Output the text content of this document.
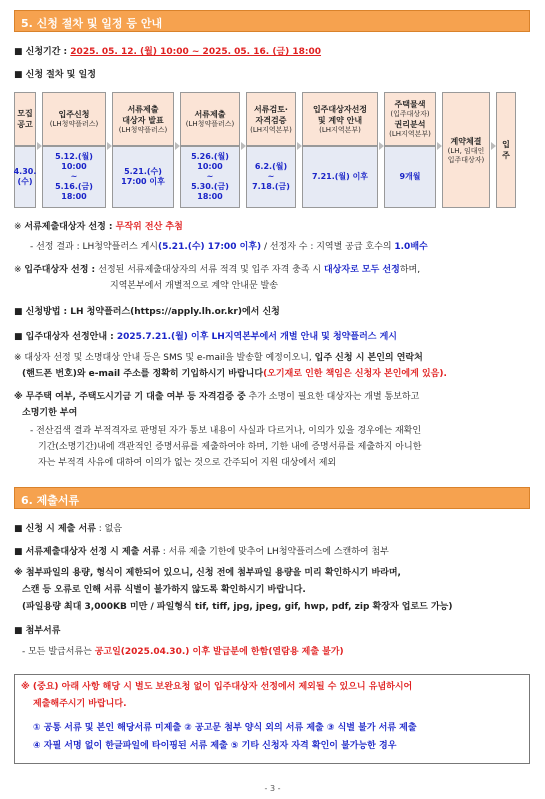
5. 신청 절차 및 일정 등 안내
■ 신청기간 : 2025. 05. 12. (월) 10:00 ~ 2025. 05. 16. (금) 18:00
■ 신청 절차 및 일정
모집
공고
4.30.
(수)
입주신청
(LH청약플러스)
5.12.(월)
10:00
~
5.16.(금)
18:00
서류제출
대상자 발표
(LH청약플러스)
5.21.(수)
17:00 이후
서류제출
(LH청약플러스)
5.26.(월)
10:00
~
5.30.(금)
18:00
서류검토·
자격검증
(LH지역본부)
6.2.(월)
~
7.18.(금)
입주대상자선정
및 계약 안내
(LH지역본부)
7.21.(월) 이후
주택물색
(입주대상자)
권리분석
(LH지역본부)
9개월
계약체결
(LH, 임대인
입주대상자)
입
주
※ 서류제출대상자 선정 : 무작위 전산 추첨
- 선정 결과 : LH청약플러스 게시(5.21.(수) 17:00 이후) / 선정자 수 : 지역별 공급 호수의 1.0배수
※ 입주대상자 선정 : 선정된 서류제출대상자의 서류 적격 및 입주 자격 충족 시 대상자로 모두 선정하며,
지역본부에서 개별적으로 계약 안내문 발송
■ 신청방법 : LH 청약플러스(https://apply.lh.or.kr)에서 신청
■ 입주대상자 선정안내 : 2025.7.21.(월) 이후 LH지역본부에서 개별 안내 및 청약플러스 게시
※ 대상자 선정 및 소명대상 안내 등은 SMS 및 e-mail을 발송할 예정이오니, 입주 신청 시 본인의 연락처
(핸드폰 번호)와 e-mail 주소를 정확히 기입하시기 바랍니다(오기재로 인한 책임은 신청자 본인에게 있음).
※ 무주택 여부, 주택도시기금 기 대출 여부 등 자격검증 중 추가 소명이 필요한 대상자는 개별 통보하고
소명기한 부여
- 전산검색 결과 부적격자로 판명된 자가 통보 내용이 사실과 다르거나, 이의가 있을 경우에는 재확인
기간(소명기간)내에 객관적인 증명서류를 제출하여야 하며, 기한 내에 증명서류를 제출하지 아니한
자는 부적격 사유에 대하여 이의가 없는 것으로 간주되어 지원 대상에서 제외
6. 제출서류
■ 신청 시 제출 서류 : 없음
■ 서류제출대상자 선정 시 제출 서류 : 서류 제출 기한에 맞추어 LH청약플러스에 스캔하여 첨부
※ 첨부파일의 용량, 형식이 제한되어 있으니, 신청 전에 첨부파일 용량을 미리 확인하시기 바라며,
스캔 등 오류로 인해 서류 식별이 불가하지 않도록 확인하시기 바랍니다.
(파일용량 최대 3,000KB 미만 / 파일형식 tif, tiff, jpg, jpeg, gif, hwp, pdf, zip 확장자 업로드 가능)
■ 첨부서류
- 모든 발급서류는 공고일(2025.04.30.) 이후 발급분에 한함(열람용 제출 불가)
※ (중요) 아래 사항 해당 시 별도 보완요청 없이 입주대상자 선정에서 제외될 수 있으니 유념하시어
제출해주시기 바랍니다.
① 공통 서류 및 본인 해당서류 미제출 ② 공고문 첨부 양식 외의 서류 제출 ③ 식별 불가 서류 제출
④ 자필 서명 없이 한글파일에 타이핑된 서류 제출 ⑤ 기타 신청자 자격 확인이 불가능한 경우
- 3 -
